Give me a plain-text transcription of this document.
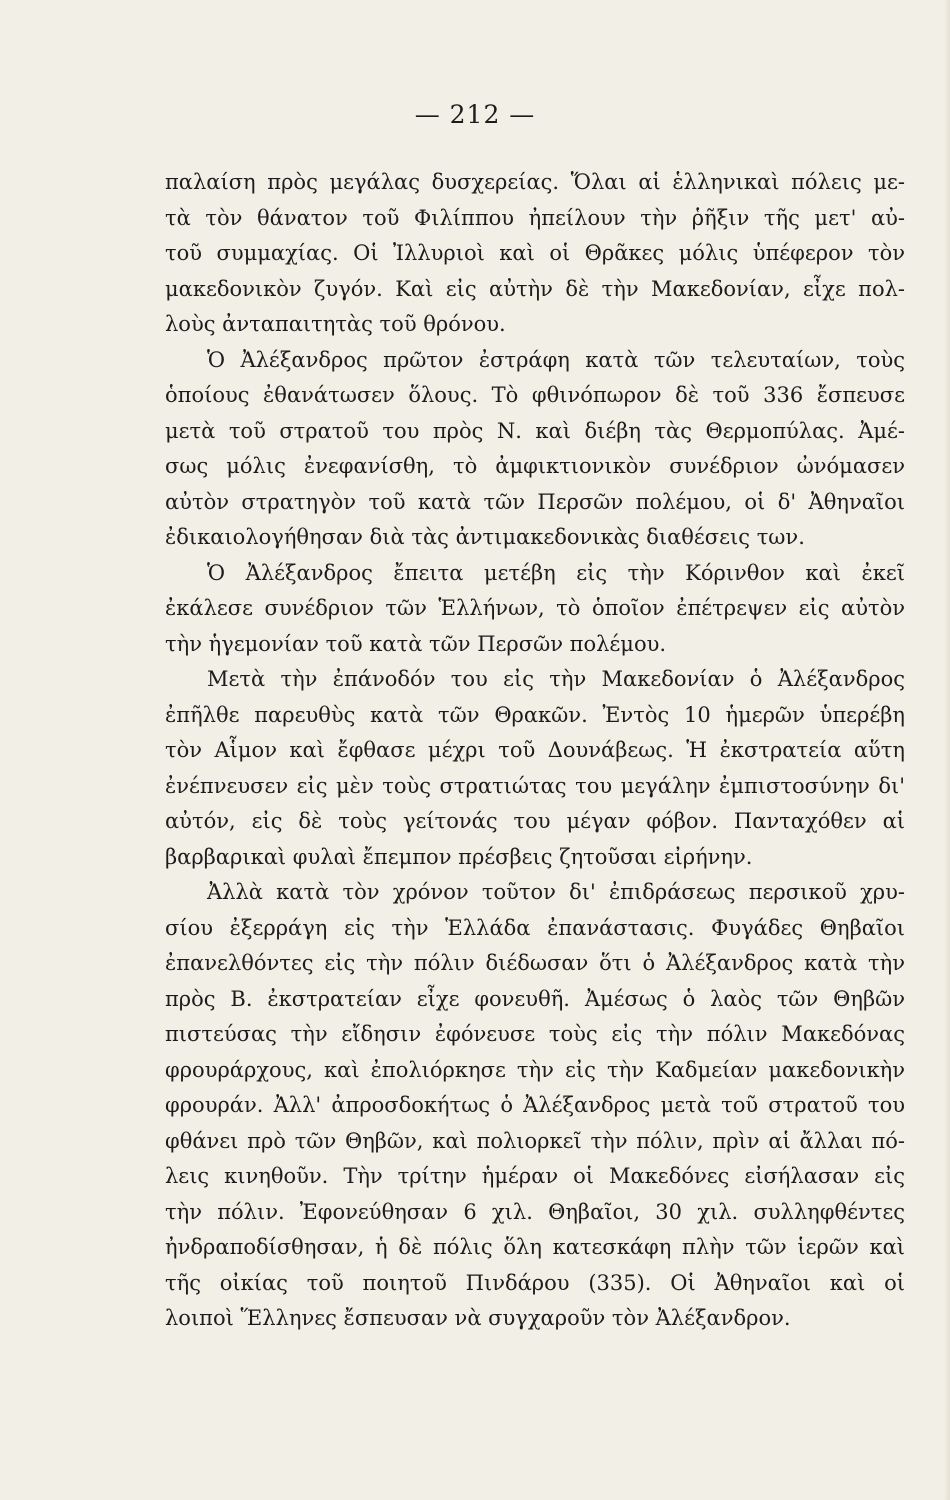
— 212 —
παλαίση πρὸς μεγάλας δυσχερείας. Ὅλαι αἱ ἑλληνικαὶ πόλεις με-
τὰ τὸν θάνατον τοῦ Φιλίππου ἠπείλουν τὴν ῥῆξιν τῆς μετ' αὐ-
τοῦ συμμαχίας. Οἱ Ἰλλυριοὶ καὶ οἱ Θρᾶκες μόλις ὑπέφερον τὸν
μακεδονικὸν ζυγόν. Καὶ εἰς αὐτὴν δὲ τὴν Μακεδονίαν, εἶχε πολ-
λοὺς ἀνταπαιτητὰς τοῦ θρόνου.
Ὁ Ἀλέξανδρος πρῶτον ἐστράφη κατὰ τῶν τελευταίων, τοὺς
ὁποίους ἐθανάτωσεν ὅλους. Τὸ φθινόπωρον δὲ τοῦ 336 ἔσπευσε
μετὰ τοῦ στρατοῦ του πρὸς Ν. καὶ διέβη τὰς Θερμοπύλας. Ἀμέ-
σως μόλις ἐνεφανίσθη, τὸ ἀμφικτιονικὸν συνέδριον ὠνόμασεν
αὐτὸν στρατηγὸν τοῦ κατὰ τῶν Περσῶν πολέμου, οἱ δ' Ἀθηναῖοι
ἐδικαιολογήθησαν διὰ τὰς ἀντιμακεδονικὰς διαθέσεις των.
Ὁ Ἀλέξανδρος ἔπειτα μετέβη εἰς τὴν Κόρινθον καὶ ἐκεῖ
ἐκάλεσε συνέδριον τῶν Ἑλλήνων, τὸ ὁποῖον ἐπέτρεψεν εἰς αὐτὸν
τὴν ἡγεμονίαν τοῦ κατὰ τῶν Περσῶν πολέμου.
Μετὰ τὴν ἐπάνοδόν του εἰς τὴν Μακεδονίαν ὁ Ἀλέξανδρος
ἐπῆλθε παρευθὺς κατὰ τῶν Θρακῶν. Ἐντὸς 10 ἡμερῶν ὑπερέβη
τὸν Αἷμον καὶ ἔφθασε μέχρι τοῦ Δουνάβεως. Ἡ ἐκστρατεία αὕτη
ἐνέπνευσεν εἰς μὲν τοὺς στρατιώτας του μεγάλην ἐμπιστοσύνην δι'
αὐτόν, εἰς δὲ τοὺς γείτονάς του μέγαν φόβον. Πανταχόθεν αἱ
βαρβαρικαὶ φυλαὶ ἔπεμπον πρέσβεις ζητοῦσαι εἰρήνην.
Ἀλλὰ κατὰ τὸν χρόνον τοῦτον δι' ἐπιδράσεως περσικοῦ χρυ-
σίου ἐξερράγη εἰς τὴν Ἑλλάδα ἐπανάστασις. Φυγάδες Θηβαῖοι
ἐπανελθόντες εἰς τὴν πόλιν διέδωσαν ὅτι ὁ Ἀλέξανδρος κατὰ τὴν
πρὸς Β. ἐκστρατείαν εἶχε φονευθῆ. Ἀμέσως ὁ λαὸς τῶν Θηβῶν
πιστεύσας τὴν εἴδησιν ἐφόνευσε τοὺς εἰς τὴν πόλιν Μακεδόνας
φρουράρχους, καὶ ἐπολιόρκησε τὴν εἰς τὴν Καδμείαν μακεδονικὴν
φρουράν. Ἀλλ' ἀπροσδοκήτως ὁ Ἀλέξανδρος μετὰ τοῦ στρατοῦ του
φθάνει πρὸ τῶν Θηβῶν, καὶ πολιορκεῖ τὴν πόλιν, πρὶν αἱ ἄλλαι πό-
λεις κινηθοῦν. Τὴν τρίτην ἡμέραν οἱ Μακεδόνες εἰσήλασαν εἰς
τὴν πόλιν. Ἐφονεύθησαν 6 χιλ. Θηβαῖοι, 30 χιλ. συλληφθέντες
ἠνδραποδίσθησαν, ἡ δὲ πόλις ὅλη κατεσκάφη πλὴν τῶν ἱερῶν καὶ
τῆς οἰκίας τοῦ ποιητοῦ Πινδάρου (335). Οἱ Ἀθηναῖοι καὶ οἱ
λοιποὶ Ἕλληνες ἔσπευσαν νὰ συγχαροῦν τὸν Ἀλέξανδρον.
